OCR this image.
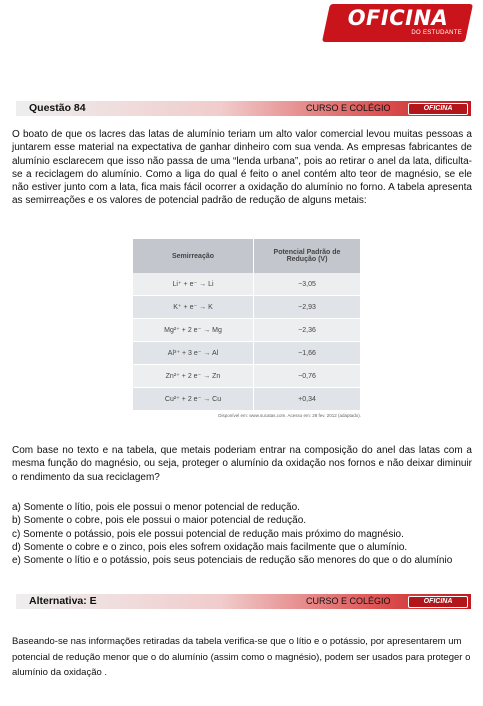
OFICINA
DO ESTUDANTE
Questão 84	CURSO E COLÉGIO	OFICINA

O boato de que os lacres das latas de alumínio teriam um alto valor comercial levou muitas pessoas a juntarem esse material na expectativa de ganhar dinheiro com sua venda. As empresas fabricantes de alumínio esclarecem que isso não passa de uma “lenda urbana”, pois ao retirar o anel da lata, dificulta-se a reciclagem do alumínio. Como a liga do qual é feito o anel contém alto teor de magnésio, se ele não estiver junto com a lata, fica mais fácil ocorrer a oxidação do alumínio no forno. A tabela apresenta as semirreações e os valores de potencial padrão de redução de alguns metais:

Semirreação	Potencial Padrão de Redução (V)
Li⁺ + e⁻ → Li	−3,05
K⁺ + e⁻ → K	−2,93
Mg²⁺ + 2 e⁻ → Mg	−2,36
Al³⁺ + 3 e⁻ → Al	−1,66
Zn²⁺ + 2 e⁻ → Zn	−0,76
Cu²⁺ + 2 e⁻ → Cu	+0,34
Disponível em: www.sucatas.com. Acesso em: 28 fev. 2012 (adaptado).

Com base no texto e na tabela, que metais poderiam entrar na composição do anel das latas com a mesma função do magnésio, ou seja, proteger o alumínio da oxidação nos fornos e não deixar diminuir o rendimento da sua reciclagem?

a) Somente o lítio, pois ele possui o menor potencial de redução.
b) Somente o cobre, pois ele possui o maior potencial de redução.
c) Somente o potássio, pois ele possui potencial de redução mais próximo do magnésio.
d) Somente o cobre e o zinco, pois eles sofrem oxidação mais facilmente que o alumínio.
e) Somente o lítio e o potássio, pois seus potenciais de redução são menores do que o do alumínio
Alternativa: E	CURSO E COLÉGIO	OFICINA

Baseando-se nas informações retiradas da tabela verifica-se que o lítio e o potássio, por apresentarem um potencial de redução menor que o do alumínio (assim como o magnésio), podem ser usados para proteger o alumínio da oxidação .
